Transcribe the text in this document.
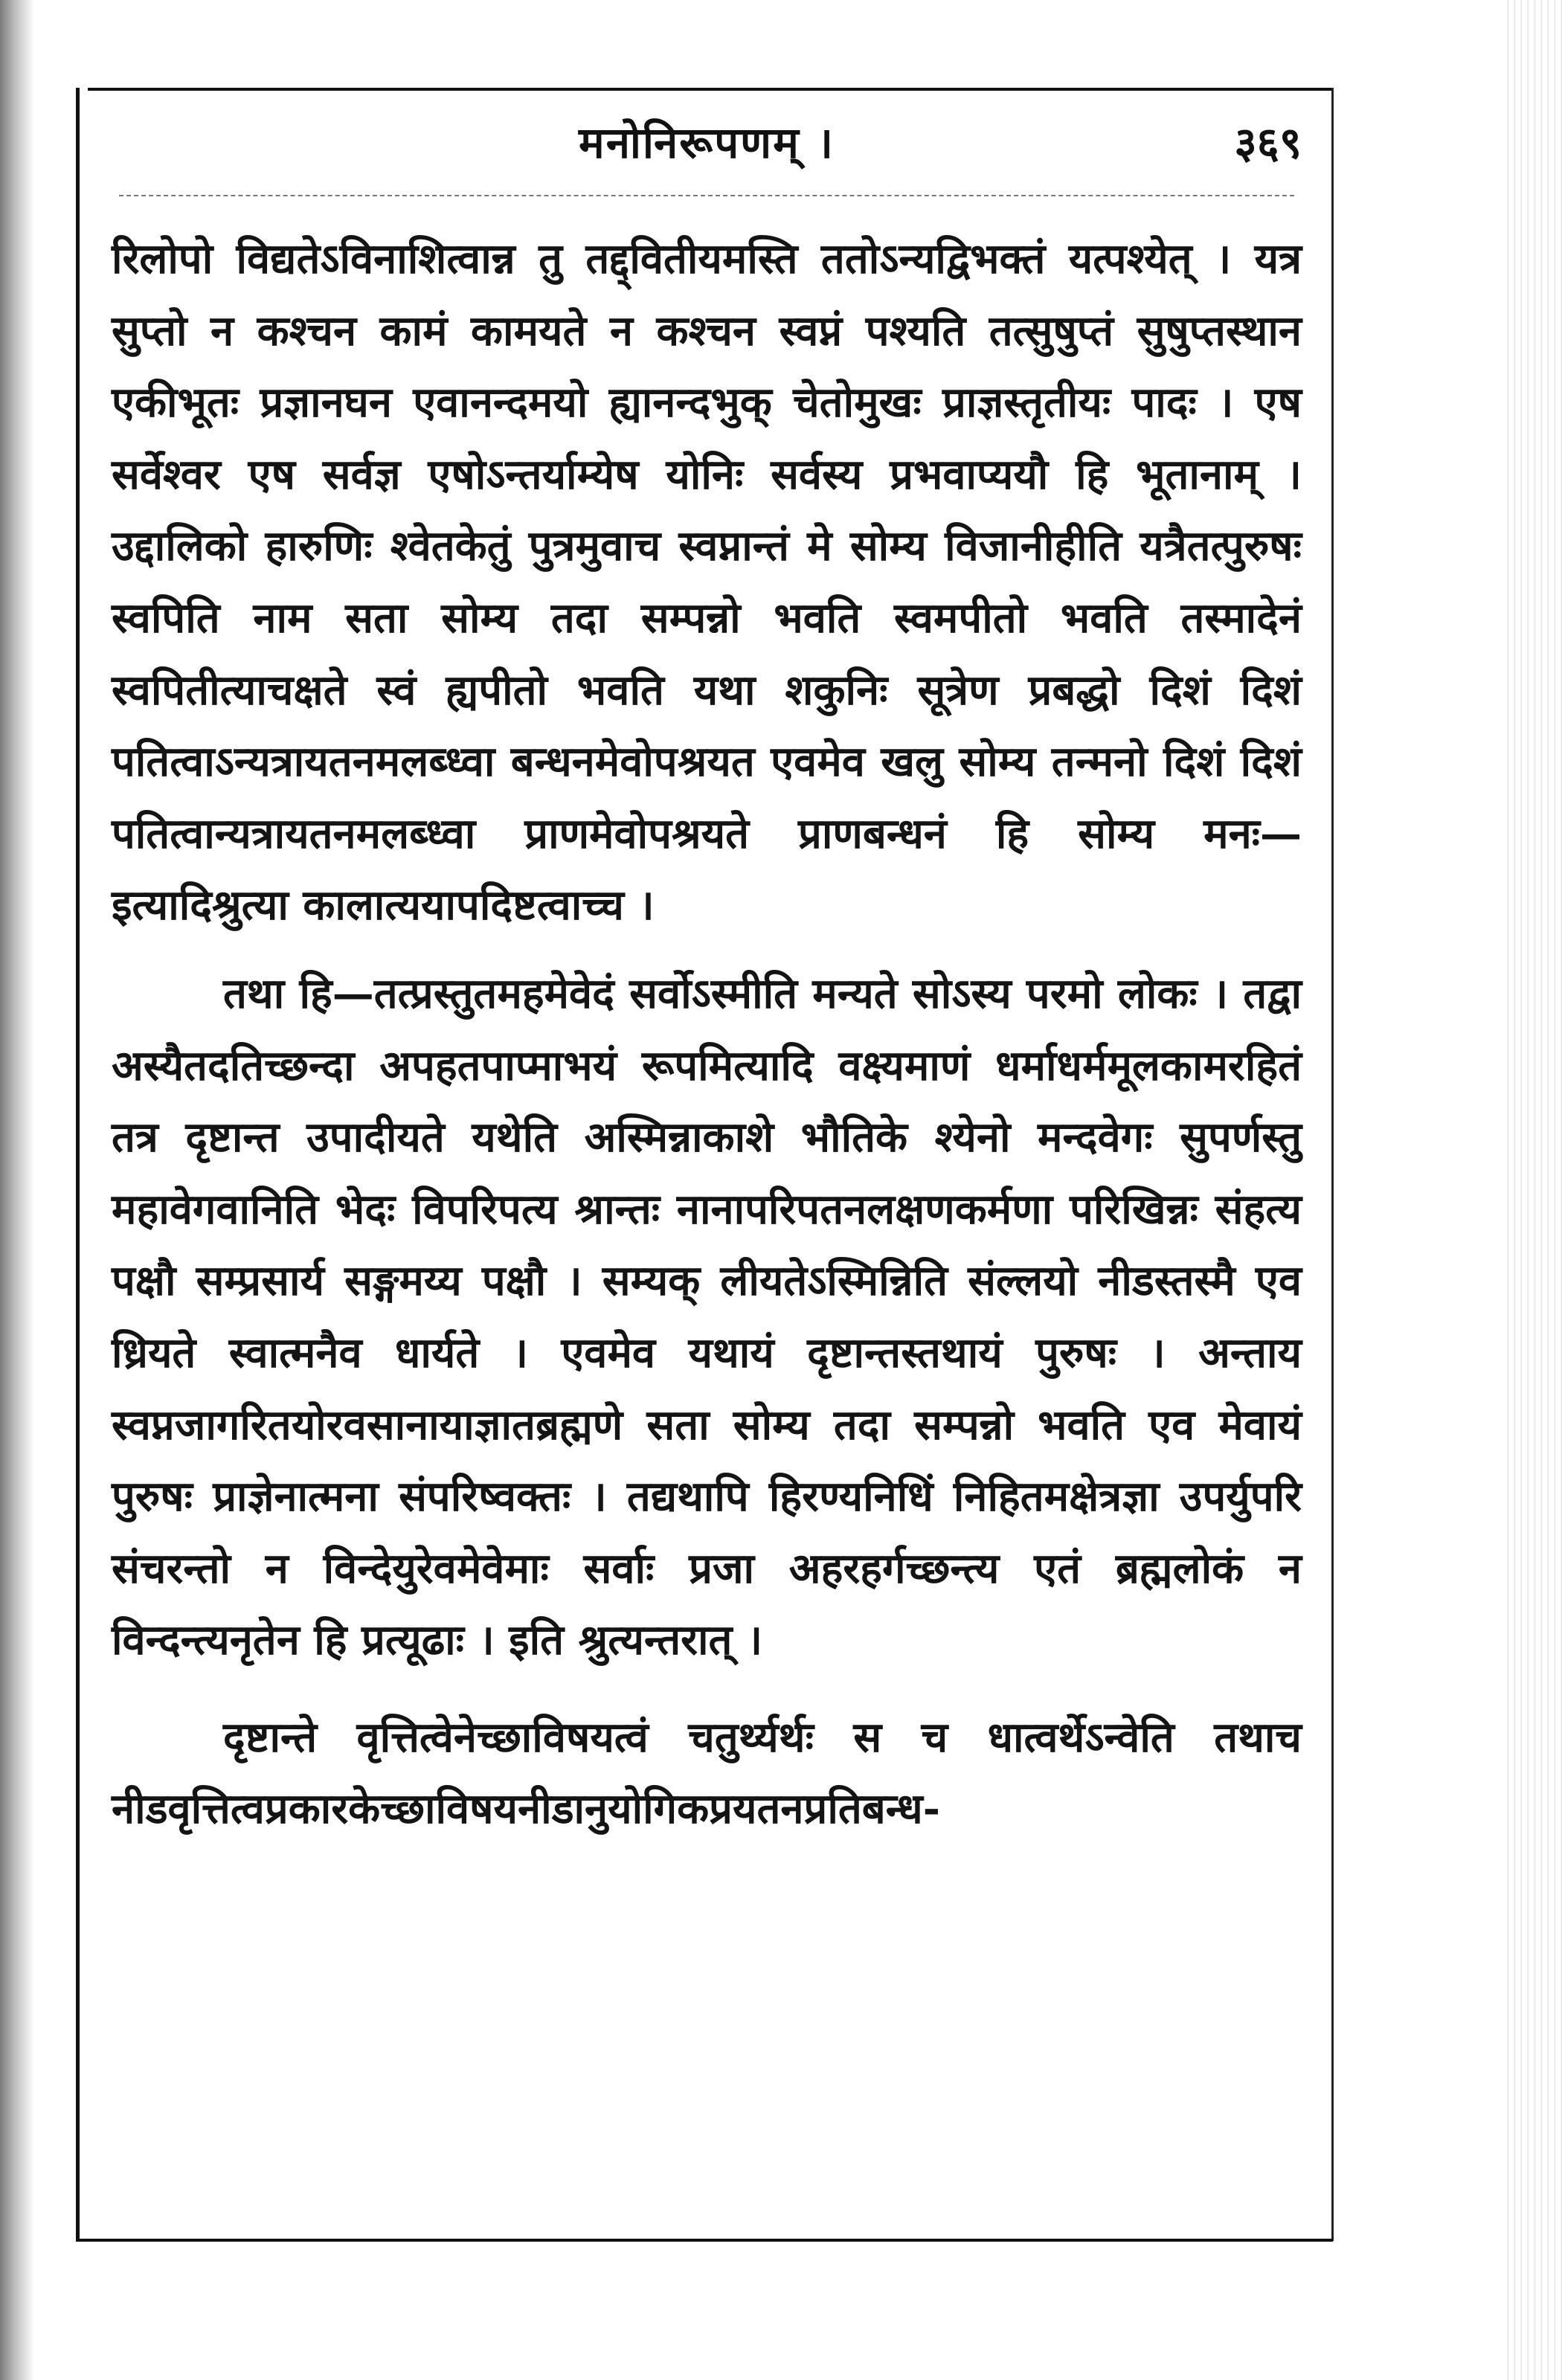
मनोनिरूपणम् ।	३६९

रिलोपो विद्यतेऽविनाशित्वान्न तु तद्द्वितीयमस्ति ततोऽन्यद्विभक्तं यत्पश्येत् । यत्र सुप्तो न कश्चन कामं कामयते न कश्चन स्वप्नं पश्यति तत्सुषुप्तं सुषुप्तस्थान एकीभूतः प्रज्ञानघन एवानन्दमयो ह्यानन्दभुक् चेतोमुखः प्राज्ञस्तृतीयः पादः । एष सर्वेश्वर एष सर्वज्ञ एषोऽन्तर्याम्येष योनिः सर्वस्य प्रभवाप्ययौ हि भूतानाम् । उद्दालिको हारुणिः श्वेतकेतुं पुत्रमुवाच स्वप्नान्तं मे सोम्य विजानीहीति यत्रैतत्पुरुषः स्वपिति नाम सता सोम्य तदा सम्पन्नो भवति स्वमपीतो भवति तस्मादेनं स्वपितीत्याचक्षते स्वं ह्यपीतो भवति यथा शकुनिः सूत्रेण प्रबद्धो दिशं दिशं पतित्वाऽन्यत्रायतनमलब्ध्वा बन्धनमेवोपश्रयत एवमेव खलु सोम्य तन्मनो दिशं दिशं पतित्वान्यत्रायतनमलब्ध्वा प्राणमेवोपश्रयते प्राणबन्धनं हि सोम्य मनः—इत्यादिश्रुत्या कालात्ययापदिष्टत्वाच्च ।

तथा हि—तत्प्रस्तुतमहमेवेदं सर्वोऽस्मीति मन्यते सोऽस्य परमो लोकः । तद्वा अस्यैतदतिच्छन्दा अपहतपाप्माभयं रूपमित्यादि वक्ष्यमाणं धर्माधर्ममूलकामरहितं तत्र दृष्टान्त उपादीयते यथेति अस्मिन्नाकाशे भौतिके श्येनो मन्दवेगः सुपर्णस्तु महावेगवानिति भेदः विपरिपत्य श्रान्तः नानापरिपतनलक्षणकर्मणा परिखिन्नः संहत्य पक्षौ सम्प्रसार्य सङ्गमय्य पक्षौ । सम्यक् लीयतेऽस्मिन्निति संल्लयो नीडस्तस्मै एव ध्रियते स्वात्मनैव धार्यते । एवमेव यथायं दृष्टान्तस्तथायं पुरुषः । अन्ताय स्वप्नजागरितयोरवसानायाज्ञातब्रह्मणे सता सोम्य तदा सम्पन्नो भवति एव मेवायं पुरुषः प्राज्ञेनात्मना संपरिष्वक्तः । तद्यथापि हिरण्यनिधिं निहितमक्षेत्रज्ञा उपर्युपरि संचरन्तो न विन्देयुरेवमेवेमाः सर्वाः प्रजा अहरहर्गच्छन्त्य एतं ब्रह्मलोकं न विन्दन्त्यनृतेन हि प्रत्यूढाः । इति श्रुत्यन्तरात् ।

दृष्टान्ते वृत्तित्वेनेच्छाविषयत्वं चतुर्थ्यर्थः स च धात्वर्थेऽन्वेति तथाच नीडवृत्तित्वप्रकारकेच्छाविषयनीडानुयोगिकप्रयतनप्रतिबन्ध-
